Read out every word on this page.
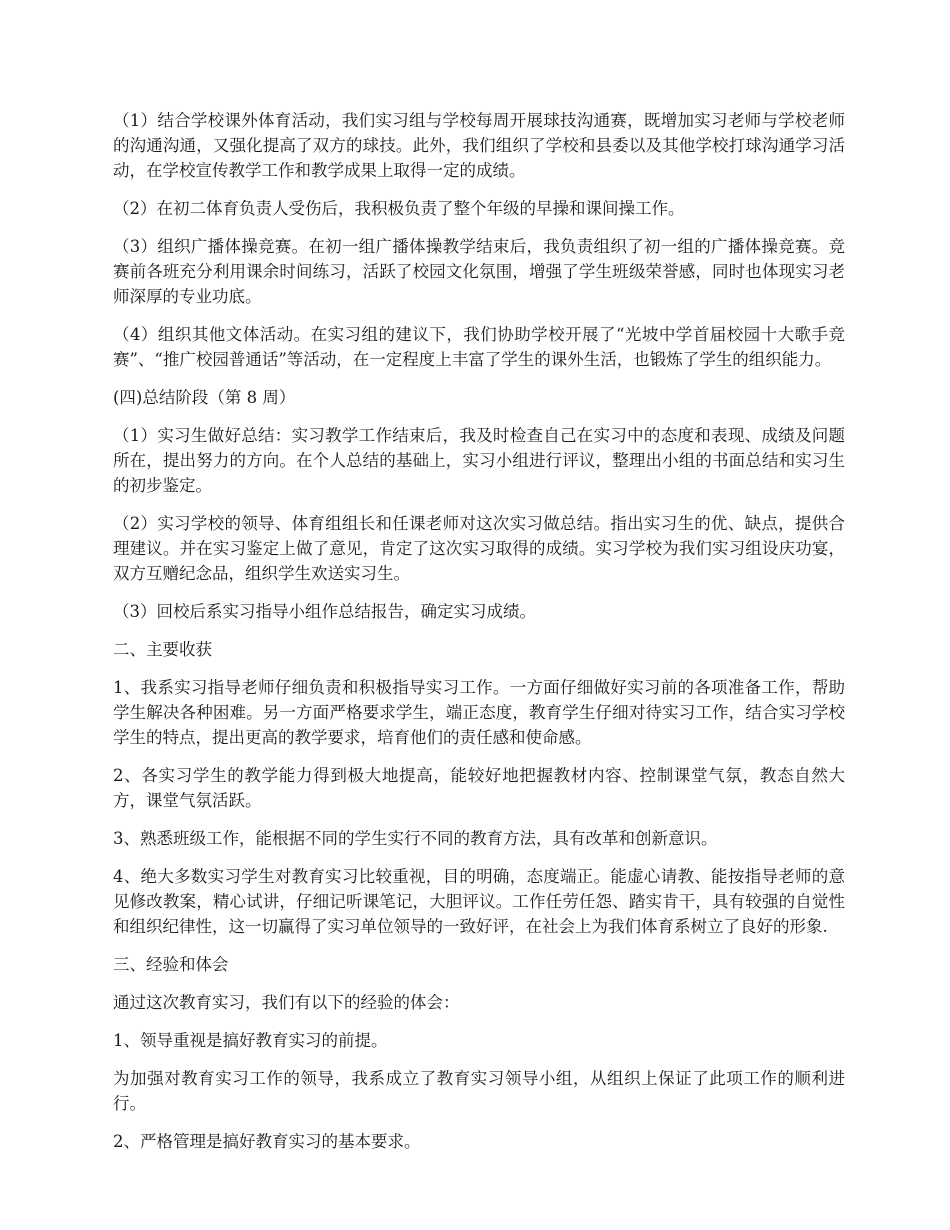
（1）结合学校课外体育活动，我们实习组与学校每周开展球技沟通赛，既增加实习老师与学校老师的沟通沟通，又强化提高了双方的球技。此外，我们组织了学校和县委以及其他学校打球沟通学习活动，在学校宣传教学工作和教学成果上取得一定的成绩。

（2）在初二体育负责人受伤后，我积极负责了整个年级的早操和课间操工作。

（3）组织广播体操竞赛。在初一组广播体操教学结束后，我负责组织了初一组的广播体操竞赛。竞赛前各班充分利用课余时间练习，活跃了校园文化氛围，增强了学生班级荣誉感，同时也体现实习老师深厚的专业功底。

（4）组织其他文体活动。在实习组的建议下，我们协助学校开展了“光坡中学首届校园十大歌手竞赛”、“推广校园普通话”等活动，在一定程度上丰富了学生的课外生活，也锻炼了学生的组织能力。

(四)总结阶段（第 8 周）

（1）实习生做好总结：实习教学工作结束后，我及时检查自己在实习中的态度和表现、成绩及问题所在，提出努力的方向。在个人总结的基础上，实习小组进行评议，整理出小组的书面总结和实习生的初步鉴定。

（2）实习学校的领导、体育组组长和任课老师对这次实习做总结。指出实习生的优、缺点，提供合理建议。并在实习鉴定上做了意见，肯定了这次实习取得的成绩。实习学校为我们实习组设庆功宴，双方互赠纪念品，组织学生欢送实习生。

（3）回校后系实习指导小组作总结报告，确定实习成绩。

二、主要收获

1、我系实习指导老师仔细负责和积极指导实习工作。一方面仔细做好实习前的各项准备工作，帮助学生解决各种困难。另一方面严格要求学生，端正态度，教育学生仔细对待实习工作，结合实习学校学生的特点，提出更高的教学要求，培育他们的责任感和使命感。

2、各实习学生的教学能力得到极大地提高，能较好地把握教材内容、控制课堂气氛，教态自然大方，课堂气氛活跃。

3、熟悉班级工作，能根据不同的学生实行不同的教育方法，具有改革和创新意识。

4、绝大多数实习学生对教育实习比较重视，目的明确，态度端正。能虚心请教、能按指导老师的意见修改教案，精心试讲，仔细记听课笔记，大胆评议。工作任劳任怨、踏实肯干，具有较强的自觉性和组织纪律性，这一切赢得了实习单位领导的一致好评，在社会上为我们体育系树立了良好的形象.

三、经验和体会

通过这次教育实习，我们有以下的经验的体会：

1、领导重视是搞好教育实习的前提。

为加强对教育实习工作的领导，我系成立了教育实习领导小组，从组织上保证了此项工作的顺利进行。

2、严格管理是搞好教育实习的基本要求。
